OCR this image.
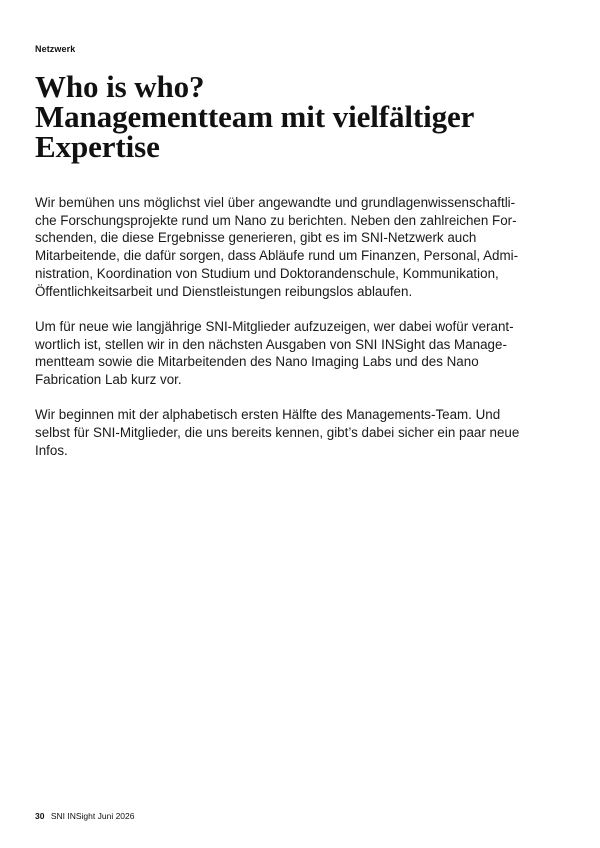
Netzwerk
Who is who?
Managementteam mit vielfältiger
Expertise

Wir bemühen uns möglichst viel über angewandte und grundlagenwissenschaftli-
che Forschungsprojekte rund um Nano zu berichten. Neben den zahlreichen For-
schenden, die diese Ergebnisse generieren, gibt es im SNI-Netzwerk auch
Mitarbeitende, die dafür sorgen, dass Abläufe rund um Finanzen, Personal, Admi-
nistration, Koordination von Studium und Doktorandenschule, Kommunikation,
Öffentlichkeitsarbeit und Dienstleistungen reibungslos ablaufen.

Um für neue wie langjährige SNI-Mitglieder aufzuzeigen, wer dabei wofür verant-
wortlich ist, stellen wir in den nächsten Ausgaben von SNI INSight das Manage-
mentteam sowie die Mitarbeitenden des Nano Imaging Labs und des Nano
Fabrication Lab kurz vor.

Wir beginnen mit der alphabetisch ersten Hälfte des Managements-Team. Und
selbst für SNI-Mitglieder, die uns bereits kennen, gibt’s dabei sicher ein paar neue
Infos.

30 SNI INSight Juni 2026
